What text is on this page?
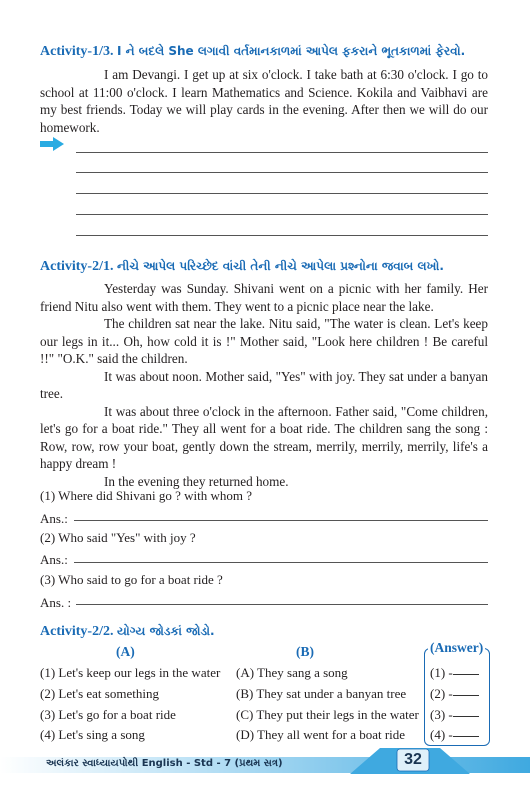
Activity-1/3. I ને બદલે She લગાવી વર્તમાનકાળમાં આપેલ ફકરાને ભૂતકાળમાં ફેરવો.

I am Devangi. I get up at six o'clock. I take bath at 6:30 o'clock. I go to school at 11:00 o'clock. I learn Mathematics and Science. Kokila and Vaibhavi are my best friends. Today we will play cards in the evening. After then we will do our homework.

Activity-2/1. નીચે આપેલ પરિચ્છેદ વાંચી તેની નીચે આપેલા પ્રશ્નોના જવાબ લખો.

Yesterday was Sunday. Shivani went on a picnic with her family. Her friend Nitu also went with them. They went to a picnic place near the lake.

The children sat near the lake. Nitu said, "The water is clean. Let's keep our legs in it... Oh, how cold it is !" Mother said, "Look here children ! Be careful !!" "O.K." said the children.

It was about noon. Mother said, "Yes" with joy. They sat under a banyan tree.

It was about three o'clock in the afternoon. Father said, "Come children, let's go for a boat ride." They all went for a boat ride. The children sang the song : Row, row, row your boat, gently down the stream, merrily, merrily, merrily, life's a happy dream !

In the evening they returned home.

(1) Where did Shivani go ? with whom ?
Ans.:
(2) Who said "Yes" with joy ?
Ans.:
(3) Who said to go for a boat ride ?
Ans. :
Activity-2/2. યોગ્ય જોડકાં જોડો.
(A)	(B)	(Answer)
(1) Let's keep our legs in the water (A) They sang a song	(1) -
(2) Let's eat something	(B) They sat under a banyan tree (2) -
(3) Let's go for a boat ride	(C) They put their legs in the water (3) -
(4) Let's sing a song	(D) They all went for a boat ride (4) -
અલંકાર સ્વાધ્યાયપોથી English - Std - 7 (પ્રથમ સત્ર)	32
